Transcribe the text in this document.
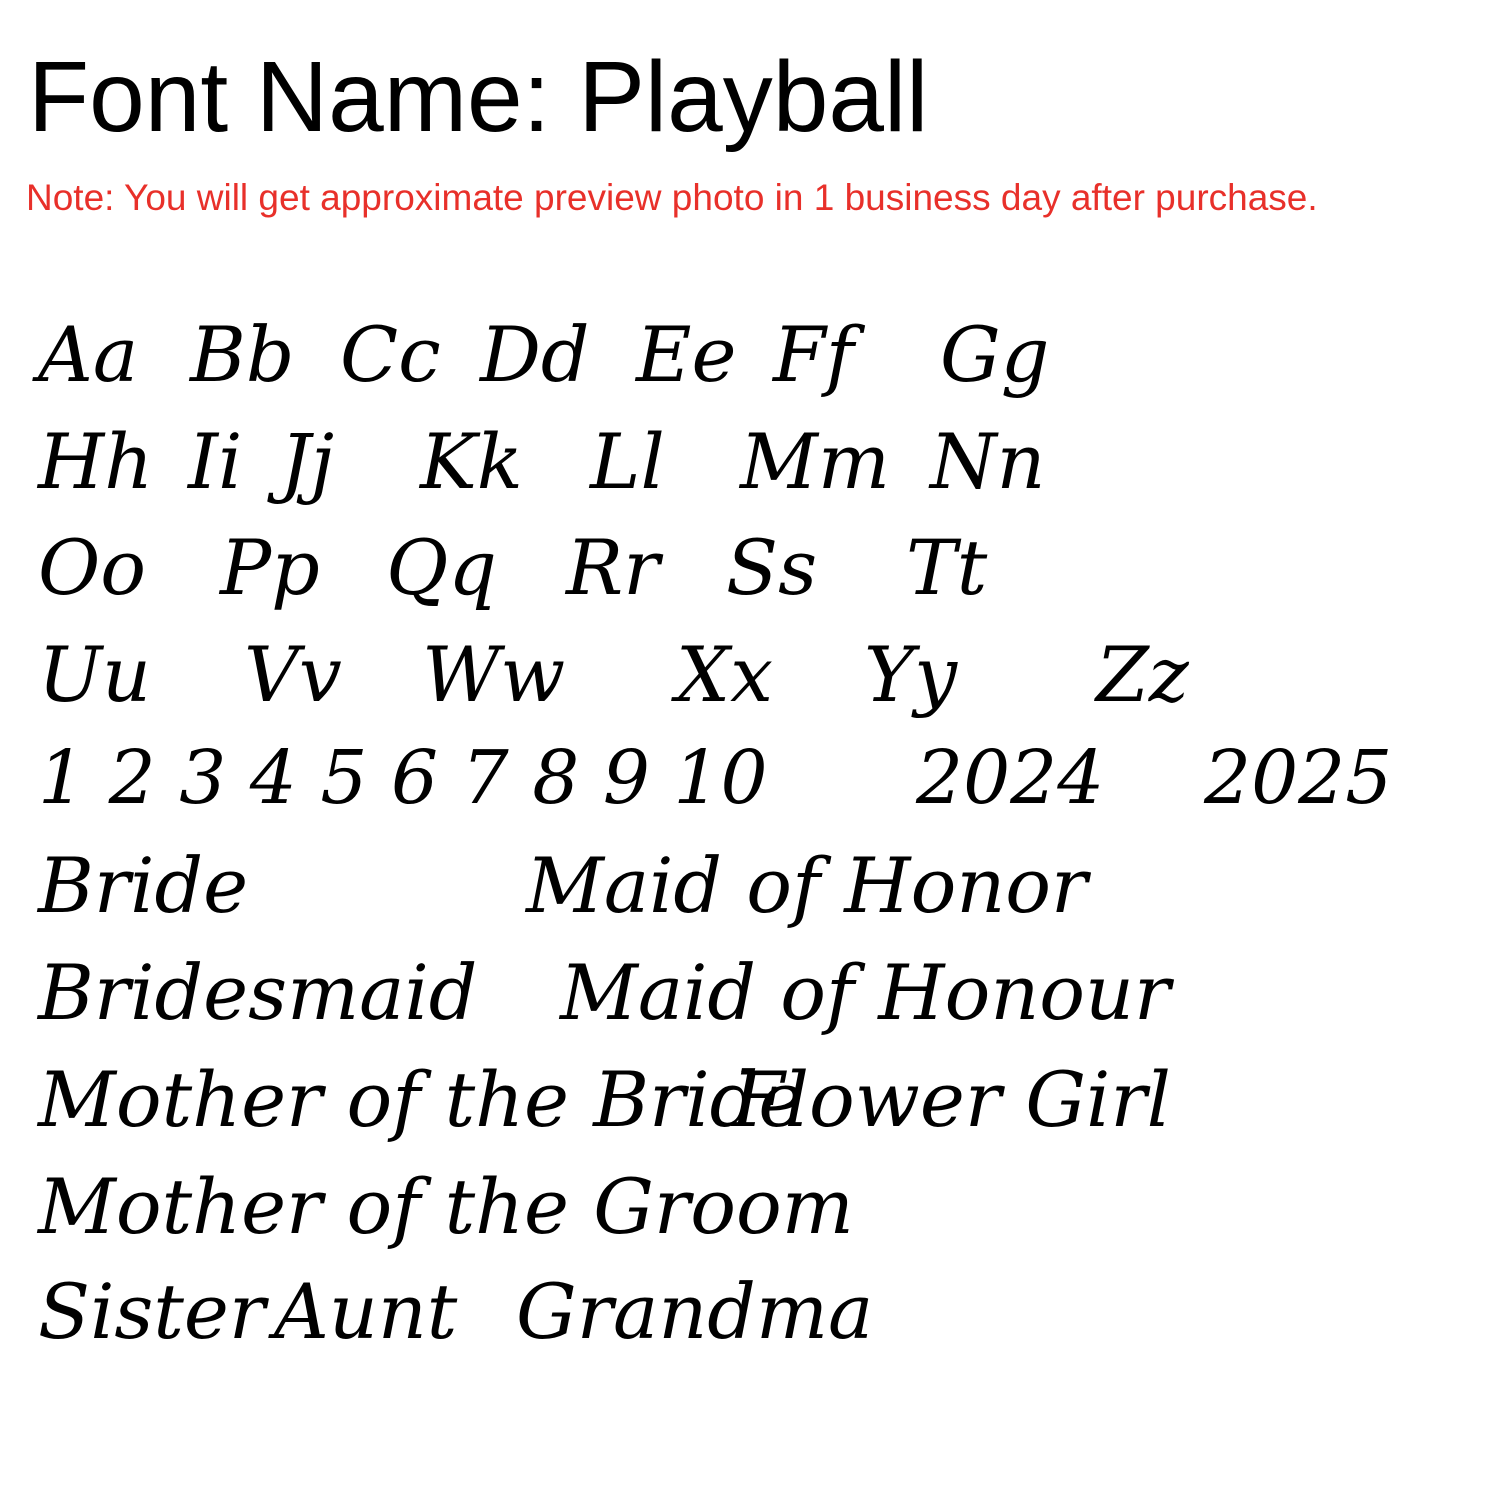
Font Name: Playball
Note: You will get approximate preview photo in 1 business day after purchase.
Aa Bb Cc Dd Ee Ff Gg
Hh Ii Jj Kk Ll Mm Nn
Oo Pp Qq Rr Ss Tt
Uu Vv Ww Xx Yy Zz
1 2 3 4 5 6 7 8 9 10 2024 2025
Bride	Maid of Honor
Bridesmaid Maid of Honour
Mother of the Bride
Flower Girl
Mother of the Groom
Sister Aunt Grandma
